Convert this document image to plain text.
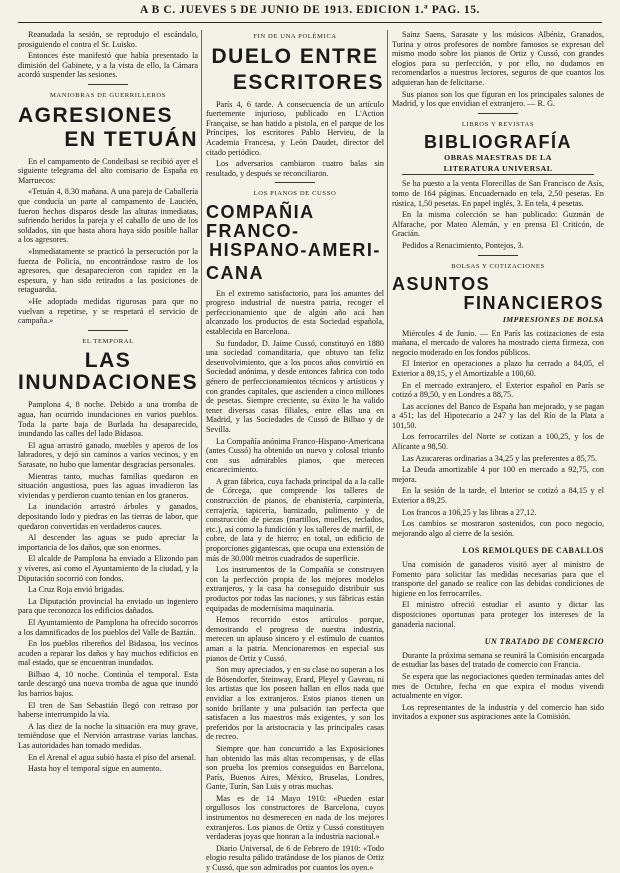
A B C. JUEVES 5 DE JUNIO DE 1913. EDICION 1.ª PAG. 15.

Reanudada la sesión, se reprodujo el escándalo, prosiguiendo el contra el Sr. Luisko.

Entonces éste manifestó que había presentado la dimisión del Gabinete, y a la vista de ello, la Cámara acordó suspender las sesiones.

MANIOBRAS DE GUERRILLEROS
AGRESIONES
EN TETUÁN

En el campamento de Condeibasi se recibió ayer el siguiente telegrama del alto comisario de España en Marruecos:

«Tetuán 4, 8.30 mañana. A una pareja de Caballería que conducía un parte al campamento de Laucién, fueron hechos disparos desde las alturas inmediatas, sufriendo heridos la pareja y el caballo de uno de los soldados, sin que hasta ahora haya sido posible hallar a los agresores.

»Inmediatamente se practicó la persecución por la fuerza de Policía, no encontrándose rastro de los agresores, que desaparecieron con rapidez en la espesura, y han sido retirados a las posiciones de retaguardia.

»He adoptado medidas rigurosas para que no vuelvan a repetirse, y se respetará el servicio de campaña.»

EL TEMPORAL
LAS INUNDACIONES

Pamplona 4, 8 noche. Debido a una tromba de agua, han ocurrido inundaciones en varios pueblos. Toda la parte baja de Burlada ha desaparecido, inundando las calles del lado Bidasoa.

El agua arrastró ganado, muebles y aperos de los labradores, y dejó sin caminos a varios vecinos, y en Sarasate, no hubo que lamentar desgracias personales.

Mientras tanto, muchas familias quedaron en situación angustiosa, pues las aguas invadieron las viviendas y perdieron cuanto tenían en los graneros.

La inundación arrastró árboles y ganados, depositando lodo y piedras en las tierras de labor, que quedaron convertidas en verdaderos cauces.

Al descender las aguas se pudo apreciar la importancia de los daños, que son enormes.

El alcalde de Pamplona ha enviado a Elizondo pan y víveres, así como el Ayuntamiento de la ciudad, y la Diputación socorrió con fondos.

La Cruz Roja envió brigadas.

La Diputación provincial ha enviado un ingeniero para que reconozca los edificios dañados.

El Ayuntamiento de Pamplona ha ofrecido socorros a los damnificados de los pueblos del Valle de Baztán.

En los pueblos ribereños del Bidasoa, los vecinos acuden a reparar los daños y hay muchos edificios en mal estado, que se encuentran inundados.

Bilbao 4, 10 noche. Continúa el temporal. Esta tarde descargó una nueva tromba de agua que inundó los barrios bajos.

El tren de San Sebastián llegó con retraso por haberse interrumpido la vía.

A las diez de la noche la situación era muy grave, temiéndose que el Nervión arrastrase varias lanchas. Las autoridades han tomado medidas.

En el Arenal el agua subió hasta el piso del arsenal.

Hasta hoy el temporal sigue en aumento.

FIN DE UNA POLÉMICA
DUELO ENTRE
ESCRITORES

París 4, 6 tarde. A consecuencia de un artículo fuertemente injurioso, publicado en L'Action Française, se han batido a pistola, en el parque de los Príncipes, los escritores Pablo Hervieu, de la Academia Francesa, y León Daudet, director del citado periódico.

Los adversarios cambiaron cuatro balas sin resultado, y después se reconciliaron.

LOS PIANOS DE CUSSO
COMPAÑIA FRANCO-
HISPANO-AMERI-
CANA

En el extremo satisfactorio, para los amantes del progreso industrial de nuestra patria, recoger el perfeccionamiento que de algún año acá han alcanzado los productos de esta Sociedad española, establecida en Barcelona.

Su fundador, D. Jaime Cussó, constituyó en 1880 una sociedad comanditaria, que obtuvo tan feliz desenvolvimiento, que a los pocos años convirtió en Sociedad anónima, y desde entonces fabrica con todo género de perfeccionamientos técnicos y artísticos y con grandes capitales, que ascienden a cinco millones de pesetas. Siempre creciente, su éxito le ha valido tener diversas casas filiales, entre ellas una en Madrid, y las Sociedades de Cussó de Bilbao y de Sevilla.

La Compañía anónima Franco-Hispano-Americana (antes Cussó) ha obtenido un nuevo y colosal triunfo con sus admirables pianos, que merecen encarecimiento.

A gran fábrica, cuya fachada principal da a la calle de Córcega, que comprende los talleres de construcción de pianos, de ebanistería, carpintería, cerrajería, tapicería, barnizado, pulimento y de construcción de piezas (martillos, muelles, teclados, etc.), así como la fundición y los talleres de marfil, de cobre, de lata y de hierro; en total, un edificio de proporciones gigantescas, que ocupa una extensión de más de 30.000 metros cuadrados de superficie.

Los instrumentos de la Compañía se construyen con la perfección propia de los mejores modelos extranjeros, y la casa ha conseguido distribuir sus productos por todas las naciones, y sus fábricas están equipadas de modernísima maquinaria.

Hemos recorrido estos artículos porque, demostrando el progreso de nuestra industria, merecen un aplauso sincero y el estímulo de cuantos aman a la patria. Mencionaremos en especial sus pianos de Ortiz y Cussó.

Son muy apreciados, y en su clase no superan a los de Bösendorfer, Steinway, Erard, Pleyel y Gaveau, ni los artistas que los poseen hallan en ellos nada que envidiar a los extranjeros. Estos pianos tienen un sonido brillante y una pulsación tan perfecta que satisfacen a los maestros más exigentes, y son los preferidos por la aristocracia y las principales casas de recreo.

Siempre que han concurrido a las Exposiciones han obtenido las más altas recompensas, y de ellas son prueba los premios conseguidos en Barcelona, París, Buenos Aires, México, Bruselas, Londres, Gante, Turín, San Luis y otras muchas.

Mas es de 14 Mayo 1910: «Pueden estar orgullosos los constructores de Barcelona, cuyos instrumentos no desmerecen en nada de los mejores extranjeros. Los pianos de Ortiz y Cussó constituyen verdaderas joyas que honran a la industria nacional.»

Diario Universal, de 6 de Febrero de 1910: «Todo elogio resulta pálido tratándose de los pianos de Ortiz y Cussó, que son admirados por cuantos los oyen.»

Sainz Saens, Sarasate y los músicos Albéniz, Granados, Turina y otros profesores de nombre famosos se expresan del mismo modo sobre los pianos de Ortiz y Cussó, con grandes elogios para su perfección, y por ello, no dudamos en recomendarlos a nuestros lectores, seguros de que cuantos los adquieran han de felicitarse.

Sus pianos son los que figuran en los principales salones de Madrid, y los que envidian el extranjero. — R. G.

LIBROS Y REVISTAS
BIBLIOGRAFÍA
OBRAS MAESTRAS DE LA
LITERATURA UNIVERSAL

Se ha puesto a la venta Florecillas de San Francisco de Asís, tomo de 164 páginas. Encuadernado en tela, 2,50 pesetas. En rústica, 1,50 pesetas. En papel inglés, 3. En tela, 4 pesetas.

En la misma colección se han publicado: Guzmán de Alfarache, por Mateo Alemán, y en prensa El Criticón, de Gracián.

Pedidos a Renacimiento, Pontejos, 3.

BOLSAS Y COTIZACIONES
ASUNTOS
FINANCIEROS
IMPRESIONES DE BOLSA

Miércoles 4 de Junio. — En París las cotizaciones de esta mañana, el mercado de valores ha mostrado cierta firmeza, con negocio moderado en los fondos públicos.

El Interior en operaciones a plazo ha cerrado a 84,05, el Exterior a 89,15, y el Amortizable a 100,60.

En el mercado extranjero, el Exterior español en París se cotizó a 89,50, y en Londres a 88,75.

Las acciones del Banco de España han mejorado, y se pagan a 451; las del Hipotecario a 247 y las del Río de la Plata a 101,50.

Los ferrocarriles del Norte se cotizan a 100,25, y los de Alicante a 98,50.

Las Azucareras ordinarias a 34,25 y las preferentes a 85,75.

La Deuda amortizable 4 por 100 en mercado a 92,75, con mejora.

En la sesión de la tarde, el Interior se cotizó a 84,15 y el Exterior a 89,25.

Los francos a 106,25 y las libras a 27,12.

Los cambios se mostraron sostenidos, con poco negocio, mejorando algo al cierre de la sesión.

LOS REMOLQUES DE CABALLOS

Una comisión de ganaderos visitó ayer al ministro de Fomento para solicitar las medidas necesarias para que el transporte del ganado se realice con las debidas condiciones de higiene en los ferrocarriles.

El ministro ofreció estudiar el asunto y dictar las disposiciones oportunas para proteger los intereses de la ganadería nacional.

UN TRATADO DE COMERCIO

Durante la próxima semana se reunirá la Comisión encargada de estudiar las bases del tratado de comercio con Francia.

Se espera que las negociaciones queden terminadas antes del mes de Octubre, fecha en que expira el modus vivendi actualmente en vigor.

Los representantes de la industria y del comercio han sido invitados a exponer sus aspiraciones ante la Comisión.
